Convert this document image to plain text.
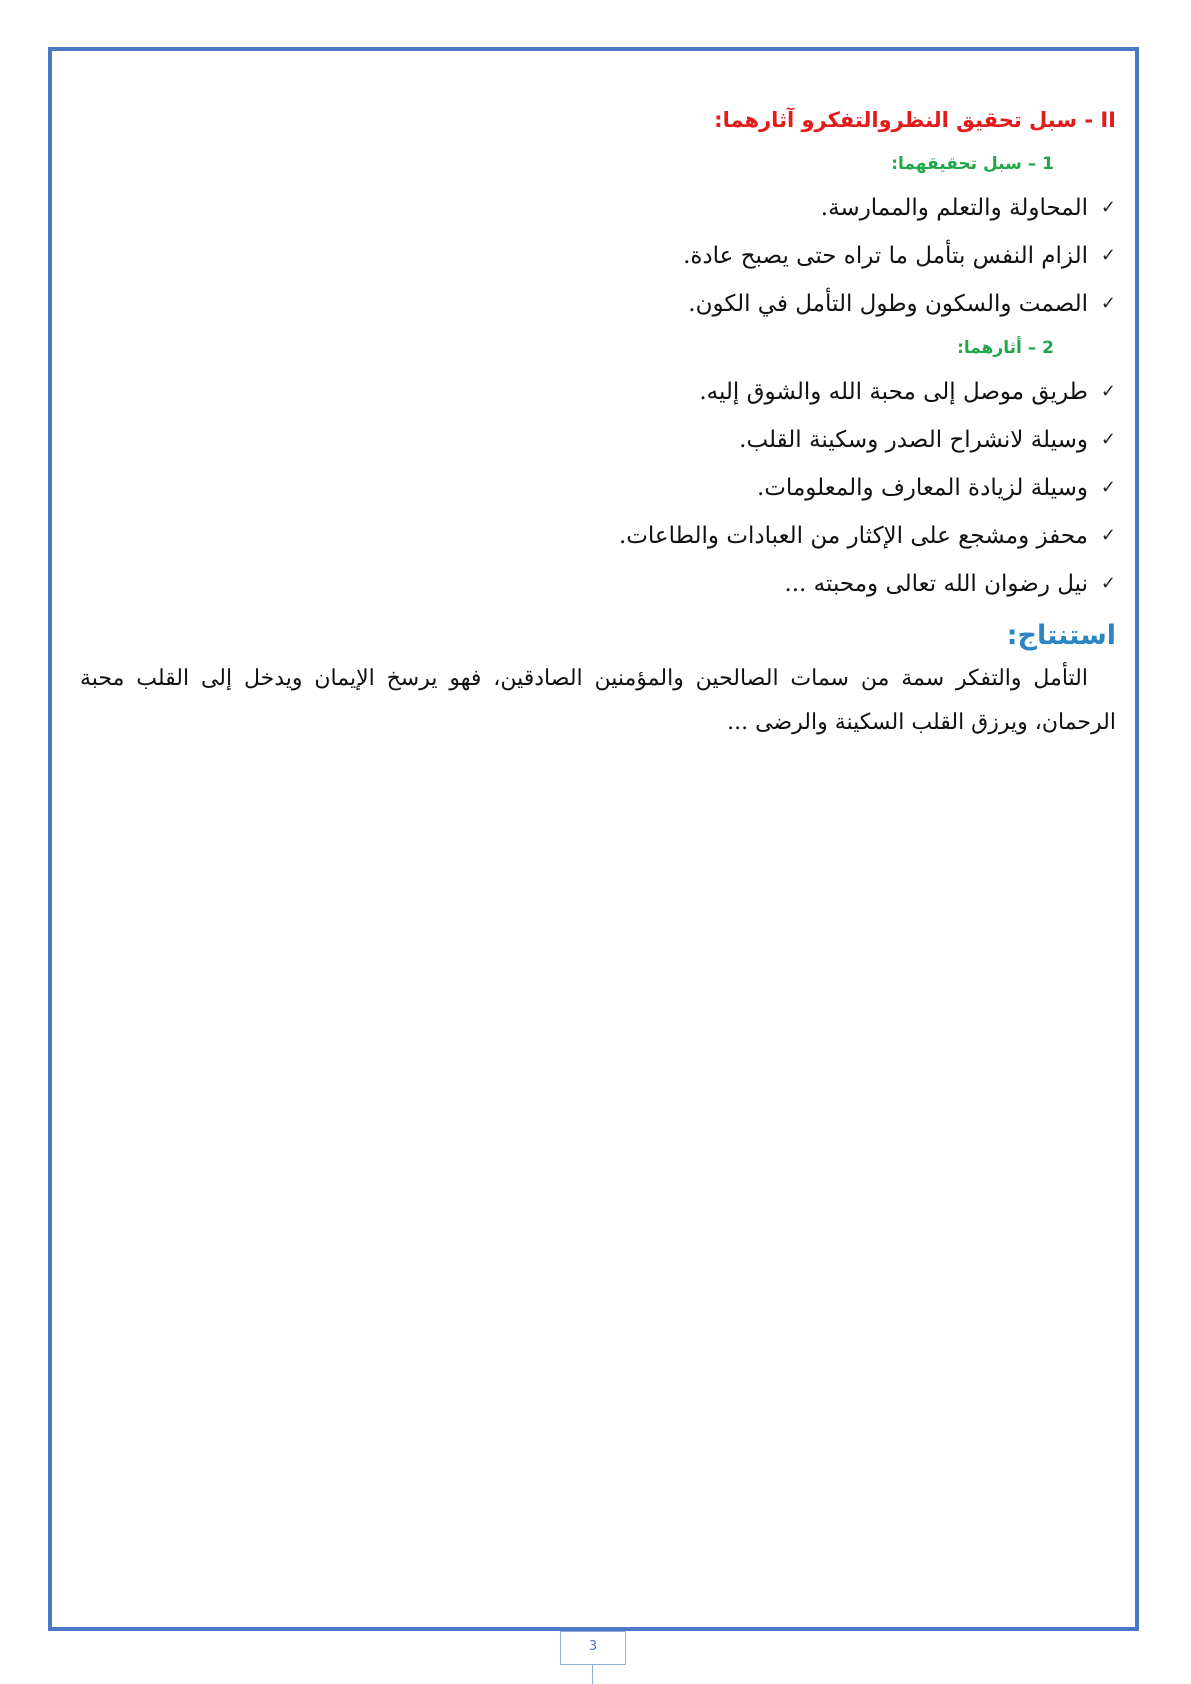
II - سبل تحقيق النظروالتفكرو آثارهما:
1 – سبل تحقيقهما:
✓
المحاولة والتعلم والممارسة.
✓
الزام النفس بتأمل ما تراه حتى يصبح عادة.
✓
الصمت والسكون وطول التأمل في الكون.
2 – أثارهما:
✓
طريق موصل إلى محبة الله والشوق إليه.
✓
وسيلة لانشراح الصدر وسكينة القلب.
✓
وسيلة لزيادة المعارف والمعلومات.
✓
محفز ومشجع على الإكثار من العبادات والطاعات.
✓
نيل رضوان الله تعالى ومحبته ...
استنتاج:

التأمل والتفكر سمة من سمات الصالحين والمؤمنين الصادقين، فهو يرسخ الإيمان ويدخل إلى القلب محبة الرحمان، ويرزق القلب السكينة والرضى ...

3
